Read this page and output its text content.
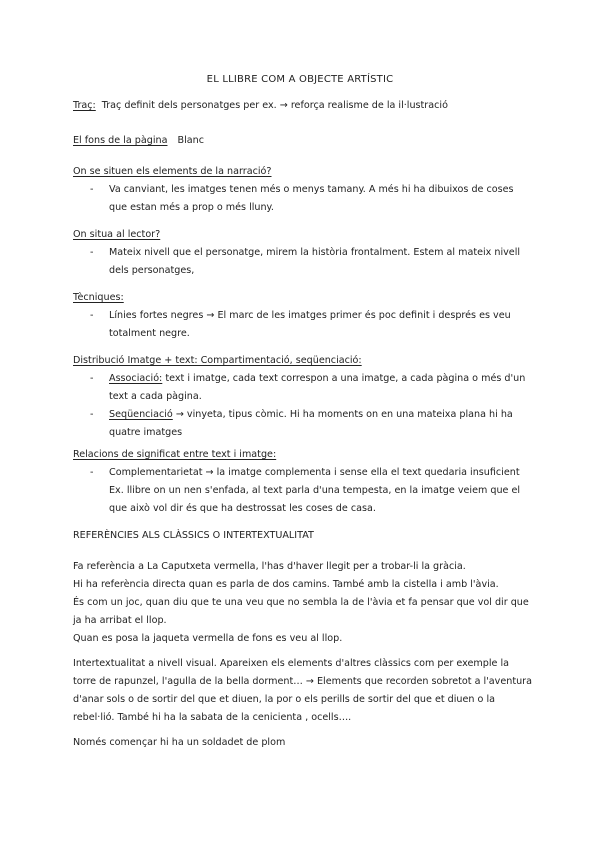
EL LLIBRE COM A OBJECTE ARTÍSTIC
Traç: Traç definit dels personatges per ex. → reforça realisme de la il·lustració
El fons de la pàgina Blanc
On se situen els elements de la narració?
- Va canviant, les imatges tenen més o menys tamany. A més hi ha dibuixos de coses que estan més a prop o més lluny.
On situa al lector?
- Mateix nivell que el personatge, mirem la història frontalment. Estem al mateix nivell dels personatges,
Tècniques:
- Línies fortes negres → El marc de les imatges primer és poc definit i després es veu totalment negre.
Distribució Imatge + text: Compartimentació, seqüenciació:
- Associació: text i imatge, cada text correspon a una imatge, a cada pàgina o més d'un text a cada pàgina.
- Seqüenciació → vinyeta, tipus còmic. Hi ha moments on en una mateixa plana hi ha quatre imatges
Relacions de significat entre text i imatge:
- Complementarietat → la imatge complementa i sense ella el text quedaria insuficient Ex. llibre on un nen s'enfada, al text parla d'una tempesta, en la imatge veiem que el que això vol dir és que ha destrossat les coses de casa.
REFERÈNCIES ALS CLÀSSICS O INTERTEXTUALITAT
Fa referència a La Caputxeta vermella, l'has d'haver llegit per a trobar-li la gràcia.
Hi ha referència directa quan es parla de dos camins. També amb la cistella i amb l'àvia.
És com un joc, quan diu que te una veu que no sembla la de l'àvia et fa pensar que vol dir que ja ha arribat el llop.
Quan es posa la jaqueta vermella de fons es veu al llop.
Intertextualitat a nivell visual. Apareixen els elements d'altres clàssics com per exemple la torre de rapunzel, l'agulla de la bella dorment… → Elements que recorden sobretot a l'aventura d'anar sols o de sortir del que et diuen, la por o els perills de sortir del que et diuen o la rebel·lió. També hi ha la sabata de la cenicienta , ocells….
Només començar hi ha un soldadet de plom
